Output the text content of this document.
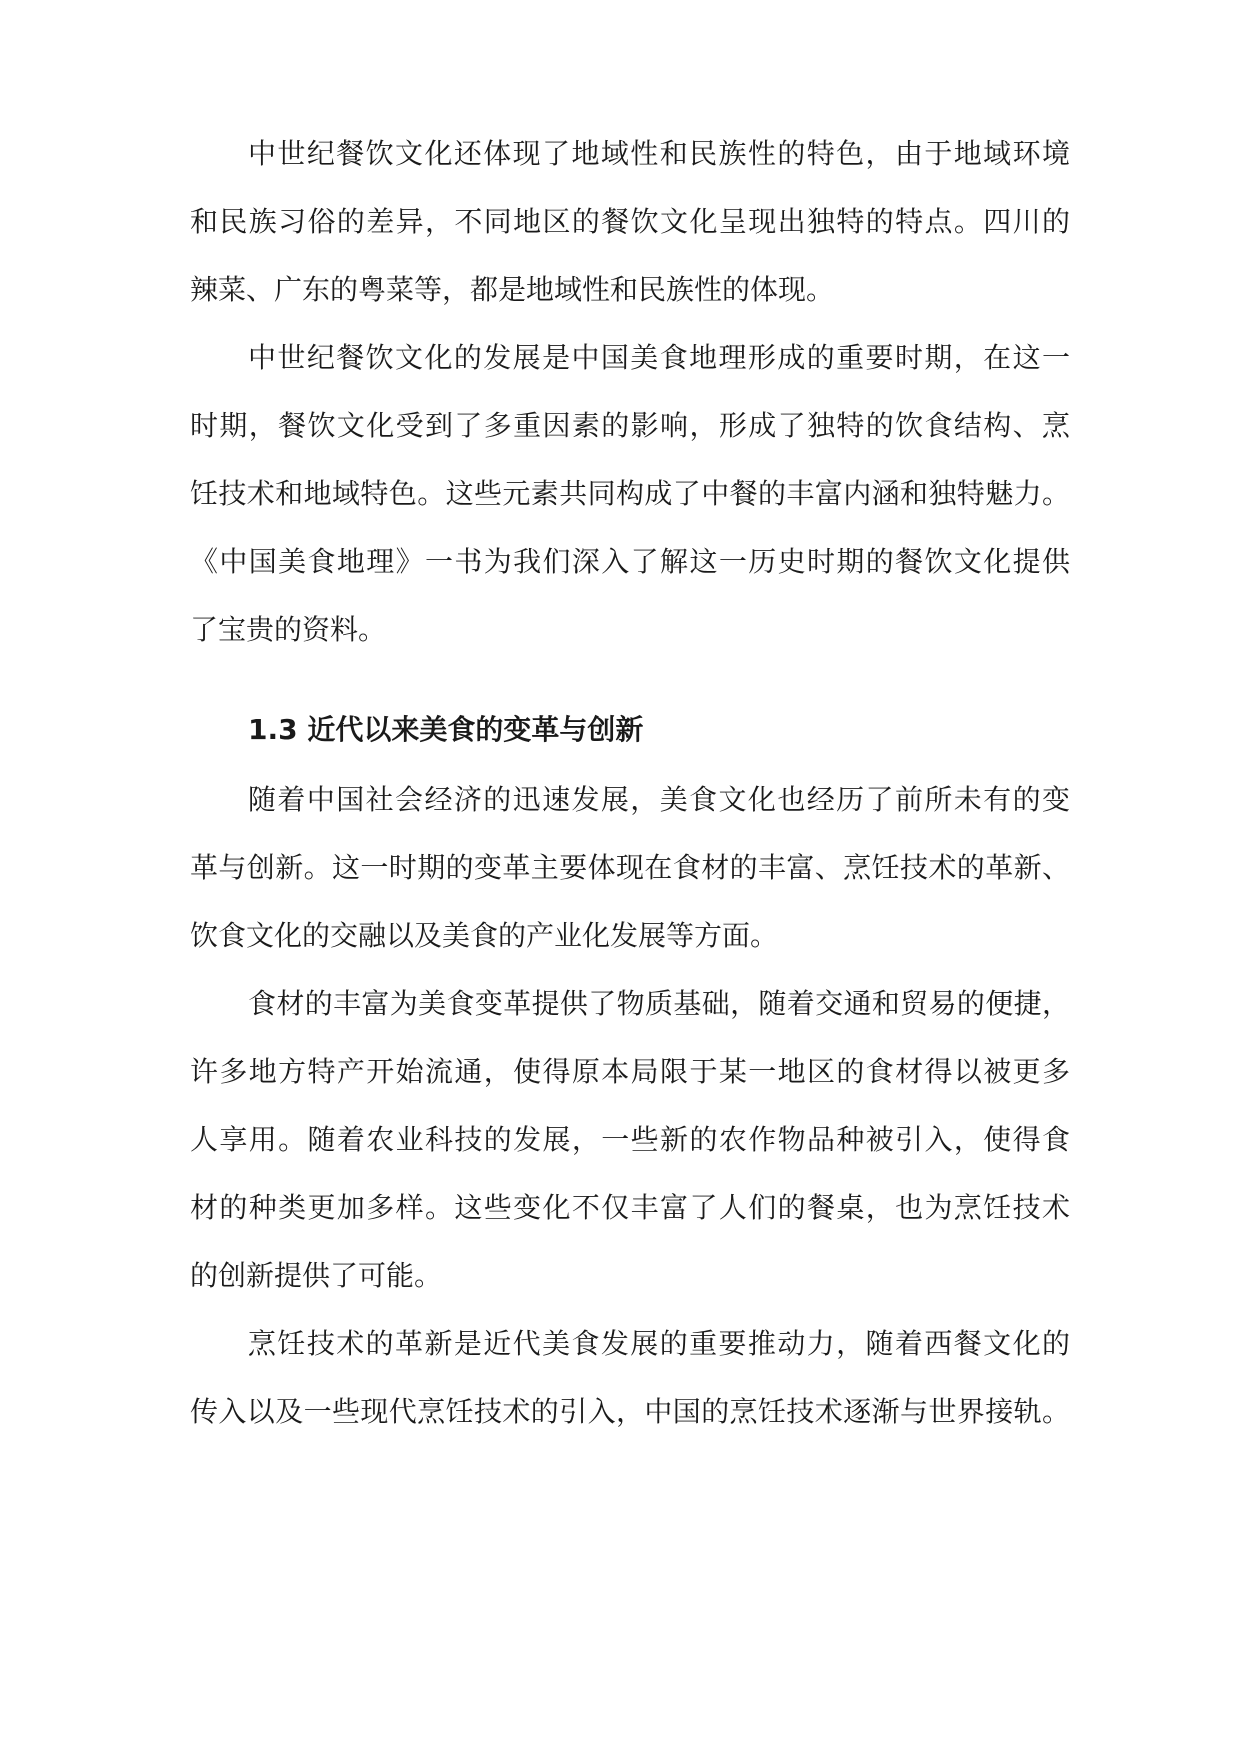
中世纪餐饮文化还体现了地域性和民族性的特色，由于地域环境
和民族习俗的差异，不同地区的餐饮文化呈现出独特的特点。四川的
辣菜、广东的粤菜等，都是地域性和民族性的体现。
中世纪餐饮文化的发展是中国美食地理形成的重要时期，在这一
时期，餐饮文化受到了多重因素的影响，形成了独特的饮食结构、烹
饪技术和地域特色。这些元素共同构成了中餐的丰富内涵和独特魅力。
《中国美食地理》一书为我们深入了解这一历史时期的餐饮文化提供
了宝贵的资料。
1.3 近代以来美食的变革与创新
随着中国社会经济的迅速发展，美食文化也经历了前所未有的变
革与创新。这一时期的变革主要体现在食材的丰富、烹饪技术的革新、
饮食文化的交融以及美食的产业化发展等方面。
食材的丰富为美食变革提供了物质基础，随着交通和贸易的便捷，
许多地方特产开始流通，使得原本局限于某一地区的食材得以被更多
人享用。随着农业科技的发展，一些新的农作物品种被引入，使得食
材的种类更加多样。这些变化不仅丰富了人们的餐桌，也为烹饪技术
的创新提供了可能。
烹饪技术的革新是近代美食发展的重要推动力，随着西餐文化的
传入以及一些现代烹饪技术的引入，中国的烹饪技术逐渐与世界接轨。
